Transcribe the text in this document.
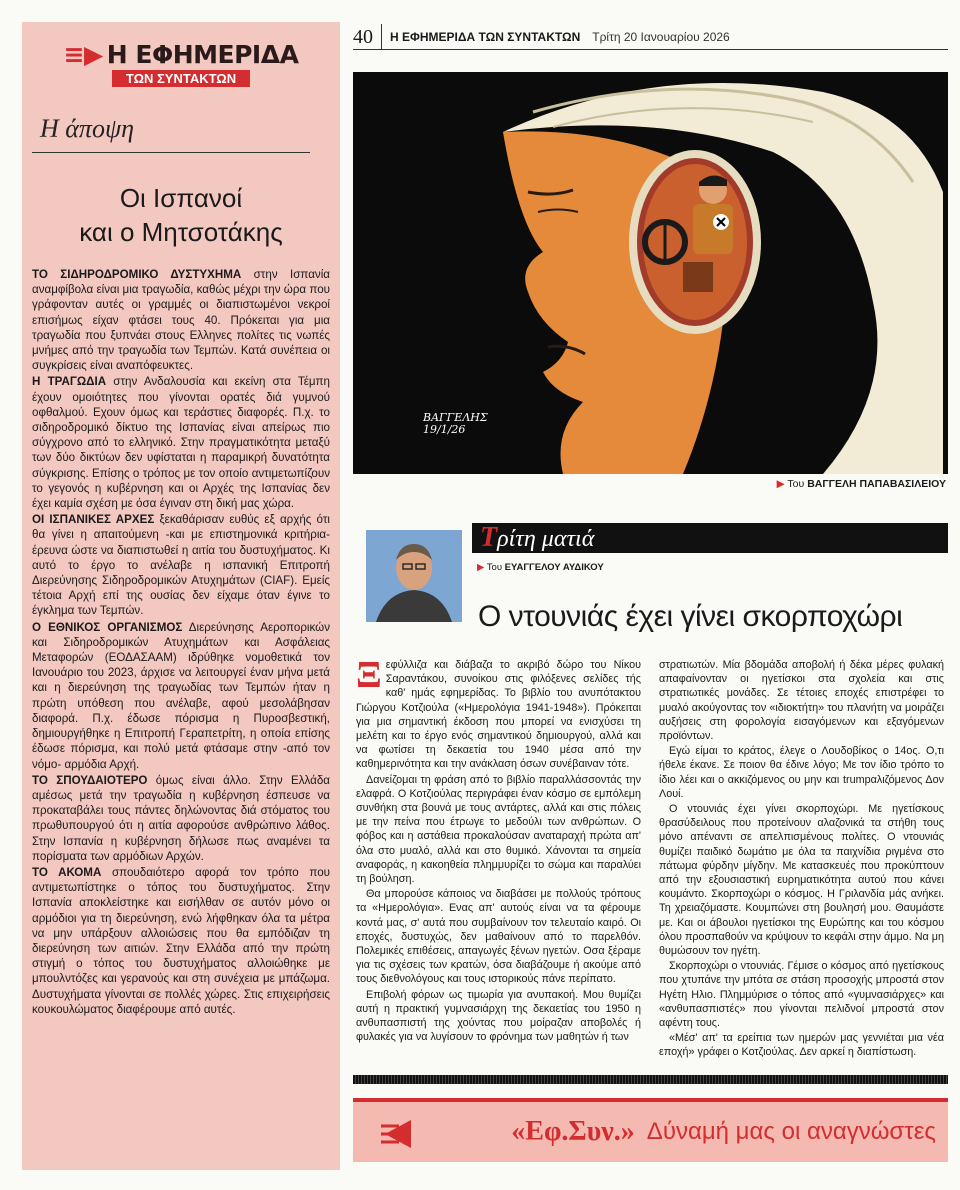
≡▶ Η ΕΦΗΜΕΡΙΔΑ
ΤΩΝ ΣΥΝΤΑΚΤΩΝ
Η άποψη
Οι Ισπανοί
και ο Μητσοτάκης

ΤΟ ΣΙΔΗΡΟΔΡΟΜΙΚΟ ΔΥΣΤΥΧΗΜΑ στην Ισπανία αναμφίβολα είναι μια τραγωδία, καθώς μέχρι την ώρα που γράφονταν αυτές οι γραμμές οι διαπιστωμένοι νεκροί επισήμως είχαν φτάσει τους 40. Πρόκειται για μια τραγωδία που ξυπνάει στους Ελληνες πολίτες τις νωπές μνήμες από την τραγωδία των Τεμπών. Κατά συνέπεια οι συγκρίσεις είναι αναπόφευκτες.

Η ΤΡΑΓΩΔΙΑ στην Ανδαλουσία και εκείνη στα Τέμπη έχουν ομοιότητες που γίνονται ορατές διά γυμνού οφθαλμού. Εχουν όμως και τεράστιες διαφορές. Π.χ. το σιδηροδρομικό δίκτυο της Ισπανίας είναι απείρως πιο σύγχρονο από το ελληνικό. Στην πραγματικότητα μεταξύ των δύο δικτύων δεν υφίσταται η παραμικρή δυνατότητα σύγκρισης. Επίσης ο τρόπος με τον οποίο αντιμετωπίζουν το γεγονός η κυβέρνηση και οι Αρχές της Ισπανίας δεν έχει καμία σχέση με όσα έγιναν στη δική μας χώρα.

ΟΙ ΙΣΠΑΝΙΚΕΣ ΑΡΧΕΣ ξεκαθάρισαν ευθύς εξ αρχής ότι θα γίνει η απαιτούμενη -και με επιστημονικά κριτήρια- έρευνα ώστε να διαπιστωθεί η αιτία του δυστυχήματος. Κι αυτό το έργο το ανέλαβε η ισπανική Επιτροπή Διερεύνησης Σιδηροδρομικών Ατυχημάτων (CIAF). Εμείς τέτοια Αρχή επί της ουσίας δεν είχαμε όταν έγινε το έγκλημα των Τεμπών.

Ο ΕΘΝΙΚΟΣ ΟΡΓΑΝΙΣΜΟΣ Διερεύνησης Αεροπορικών και Σιδηροδρομικών Ατυχημάτων και Ασφάλειας Μεταφορών (ΕΟΔΑΣΑΑΜ) ιδρύθηκε νομοθετικά τον Ιανουάριο του 2023, άρχισε να λειτουργεί έναν μήνα μετά και η διερεύνηση της τραγωδίας των Τεμπών ήταν η πρώτη υπόθεση που ανέλαβε, αφού μεσολάβησαν διαφορά. Π.χ. έδωσε πόρισμα η Πυροσβεστική, δημιουργήθηκε η Επιτροπή Γεραπετρίτη, η οποία επίσης έδωσε πόρισμα, και πολύ μετά φτάσαμε στην -από τον νόμο- αρμόδια Αρχή.

ΤΟ ΣΠΟΥΔΑΙΟΤΕΡΟ όμως είναι άλλο. Στην Ελλάδα αμέσως μετά την τραγωδία η κυβέρνηση έσπευσε να προκαταβάλει τους πάντες δηλώνοντας διά στόματος του πρωθυπουργού ότι η αιτία αφορούσε ανθρώπινο λάθος. Στην Ισπανία η κυβέρνηση δήλωσε πως αναμένει τα πορίσματα των αρμόδιων Αρχών.

ΤΟ ΑΚΟΜΑ σπουδαιότερο αφορά τον τρόπο που αντιμετωπίστηκε ο τόπος του δυστυχήματος. Στην Ισπανία αποκλείστηκε και εισήλθαν σε αυτόν μόνο οι αρμόδιοι για τη διερεύνηση, ενώ λήφθηκαν όλα τα μέτρα να μην υπάρξουν αλλοιώσεις που θα εμπόδιζαν τη διερεύνηση των αιτιών. Στην Ελλάδα από την πρώτη στιγμή ο τόπος του δυστυχήματος αλλοιώθηκε με μπουλντόζες και γερανούς και στη συνέχεια με μπάζωμα. Δυστυχήματα γίνονται σε πολλές χώρες. Στις επιχειρήσεις κουκουλώματος διαφέρουμε από αυτές.

40	Η ΕΦΗΜΕΡΙΔΑ ΤΩΝ ΣΥΝΤΑΚΤΩΝ Τρίτη 20 Ιανουαρίου 2026
ΒΑΓΓΕΛΗΣ
19/1/26
▶ Του ΒΑΓΓΕΛΗ ΠΑΠΑΒΑΣΙΛΕΙΟΥ
Τρίτη ματιά
▶ Του ΕΥΑΓΓΕΛΟΥ ΑΥΔΙΚΟΥ
Ο ντουνιάς έχει γίνει σκορποχώρι

Ξεφύλλιζα και διάβαζα το ακριβό δώρο του Νίκου Σαραντάκου, συνοίκου στις φιλόξενες σελίδες τής καθ' ημάς εφημερίδας. Το βιβλίο του ανυπότακτου Γιώργου Κοτζιούλα («Ημερολόγια 1941-1948»). Πρόκειται για μια σημαντική έκδοση που μπορεί να ενισχύσει τη μελέτη και το έργο ενός σημαντικού δημιουργού, αλλά και να φωτίσει τη δεκαετία του 1940 μέσα από την καθημερινότητα και την ανάκλαση όσων συνέβαιναν τότε.

Δανείζομαι τη φράση από το βιβλίο παραλλάσσοντάς την ελαφρά. Ο Κοτζιούλας περιγράφει έναν κόσμο σε εμπόλεμη συνθήκη στα βουνά με τους αντάρτες, αλλά και στις πόλεις με την πείνα που έτρωγε το μεδούλι των ανθρώπων. Ο φόβος και η αστάθεια προκαλούσαν αναταραχή πρώτα απ' όλα στο μυαλό, αλλά και στο θυμικό. Χάνονται τα σημεία αναφοράς, η κακοηθεία πλημμυρίζει το σώμα και παραλύει τη βούληση.

Θα μπορούσε κάποιος να διαβάσει με πολλούς τρόπους τα «Ημερολόγια». Ενας απ' αυτούς είναι να τα φέρουμε κοντά μας, σ' αυτά που συμβαίνουν τον τελευταίο καιρό. Οι εποχές, δυστυχώς, δεν μαθαίνουν από το παρελθόν. Πολεμικές επιθέσεις, απαγωγές ξένων ηγετών. Οσα ξέραμε για τις σχέσεις των κρατών, όσα διαβάζουμε ή ακούμε από τους διεθνολόγους και τους ιστορικούς πάνε περίπατο.

Επιβολή φόρων ως τιμωρία για ανυπακοή. Μου θυμίζει αυτή η πρακτική γυμνασιάρχη της δεκαετίας του 1950 η ανθυπασπιστή της χούντας που μοίραζαν αποβολές ή φυλακές για να λυγίσουν το φρόνημα των μαθητών ή των

στρατιωτών. Μία βδομάδα αποβολή ή δέκα μέρες φυλακή απαφαίνονταν οι ηγετίσκοι στα σχολεία και στις στρατιωτικές μονάδες. Σε τέτοιες εποχές επιστρέφει το μυαλό ακούγοντας τον «ιδιοκτήτη» του πλανήτη να μοιράζει αυξήσεις στη φορολογία εισαγόμενων και εξαγόμενων προϊόντων.

Εγώ είμαι το κράτος, έλεγε ο Λουδοβίκος ο 14ος. Ο,τι ήθελε έκανε. Σε ποιον θα έδινε λόγο; Με τον ίδιο τρόπο το ίδιο λέει και ο ακκιζόμενος ου μην και trumpαλιζόμενος Δον Λουί.

Ο ντουνιάς έχει γίνει σκορποχώρι. Με ηγετίσκους θρασύδειλους που προτείνουν αλαζονικά τα στήθη τους μόνο απέναντι σε απελπισμένους πολίτες. Ο ντουνιάς θυμίζει παιδικό δωμάτιο με όλα τα παιχνίδια ριγμένα στο πάτωμα φύρδην μίγδην. Με κατασκευές που προκύπτουν από την εξουσιαστική ευρηματικότητα αυτού που κάνει κουμάντο. Σκορποχώρι ο κόσμος. Η Γριλανδία μάς ανήκει. Τη χρειαζόμαστε. Κουμπώνει στη βουλησή μου. Θαυμάστε με. Και οι άβουλοι ηγετίσκοι της Ευρώπης και του κόσμου όλου προσπαθούν να κρύψουν το κεφάλι στην άμμο. Να μη θυμώσουν τον ηγέτη.

Σκορποχώρι ο ντουνιάς. Γέμισε ο κόσμος από ηγετίσκους που χτυπάνε την μπότα σε στάση προσοχής μπροστά στον Ηγέτη Ηλιο. Πλημμύρισε ο τόπος από «γυμνασιάρχες» και «ανθυπασπιστές» που γίνονται πελιδνοί μπροστά στον αφέντη τους.

«Μέσ' απ' τα ερείπια των ημερών μας γεννιέται μια νέα εποχή» γράφει ο Κοτζιούλας. Δεν αρκεί η διαπίστωση.

«Εφ.Συν.» Δύναμή μας οι αναγνώστες
